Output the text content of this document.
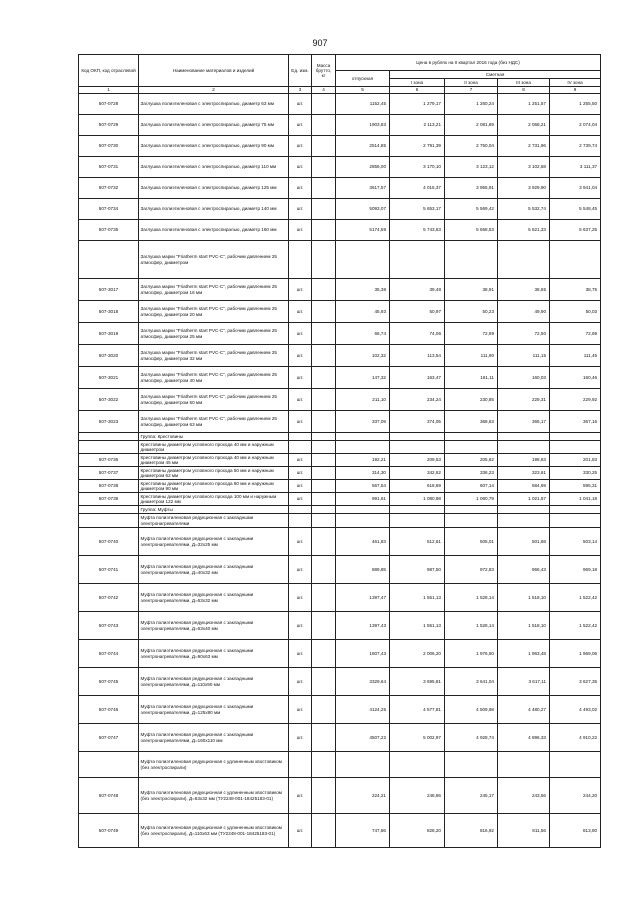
907
Код ОКП, код отраслевой	Наименование материалов и изделий	Ед. изм.	Масса брутто, кг	Цена в рублях на II квартал 2016 года (без НДС)				
				отпускная	Сметная			
					I зона	II зона	III зона	IV зона
1	2	3	4	5	6	7	8	9
507-0728	Заглушка полиэтиленовая с электроспиралью, диаметр 63 мм	шт.		1152,45	1 279,17	1 260,24	1 251,57	1 255,50
507-0729	Заглушка полиэтиленовая с электроспиралью, диаметр 75 мм	шт.		1903,83	2 113,21	2 081,89	2 068,21	2 074,04
507-0730	Заглушка полиэтиленовая с электроспиралью, диаметр 90 мм	шт.		2514,85	2 791,39	2 750,04	2 731,96	2 739,74
507-0731	Заглушка полиэтиленовая с электроспиралью, диаметр 110 мм	шт.		2856,00	3 170,10	3 123,12	3 102,58	3 111,37
507-0732	Заглушка полиэтиленовая с электроспиралью, диаметр 125 мм	шт.		3617,57	4 015,37	3 955,91	3 929,90	3 941,04
507-0734	Заглушка полиэтиленовая с электроспиралью, диаметр 140 мм	шт.		5093,07	5 653,17	5 569,42	5 532,74	5 548,45
507-0735	Заглушка полиэтиленовая с электроспиралью, диаметр 160 мм	шт.		5174,59	5 743,63	5 658,53	5 621,33	5 637,25
	Заглушка марки "Friatherm start PVC-C", рабочим давлением 25 атмосфер, диаметром							
507-3017	Заглушка марки "Friatherm start PVC-C", рабочим давлением 25 атмосфер, диаметром 16 мм	шт.		35,38	39,48	38,91	38,65	38,75
507-3018	Заглушка марки "Friatherm start PVC-C", рабочим давлением 25 атмосфер, диаметром 20 мм	шт.		45,93	50,97	50,23	49,90	50,03
507-3019	Заглушка марки "Friatherm start PVC-C", рабочим давлением 25 атмосфер, диаметром 25 мм	шт.		66,74	74,06	72,99	72,50	72,69
507-3020	Заглушка марки "Friatherm start PVC-C", рабочим давлением 25 атмосфер, диаметром 32 мм	шт.		102,32	113,54	111,90	111,15	111,45
507-3021	Заглушка марки "Friatherm start PVC-C", рабочим давлением 25 атмосфер, диаметром 40 мм	шт.		147,32	163,47	161,11	160,03	160,46
507-3022	Заглушка марки "Friatherm start PVC-C", рабочим давлением 25 атмосфер, диаметром 50 мм	шт.		211,10	234,24	230,85	229,31	229,92
507-3023	Заглушка марки "Friatherm start PVC-C", рабочим давлением 25 атмосфер, диаметром 63 мм	шт.		337,09	374,05	368,63	366,17	367,16
	Группа: Крестовины							
	Крестовины диаметром условного прохода 40 мм и наружным диаметром							
507-0736	Крестовины диаметром условного прохода 40 мм и наружным диаметром 45 мм	шт.		192,21	209,53	205,62	198,83	201,83
507-0737	Крестовины диаметром условного прохода 50 мм и наружным диаметром 62 мм	шт.		314,30	342,62	336,23	323,61	330,25
507-0738	Крестовины диаметром условного прохода 80 мм и наружным диаметром 90 мм	шт.		567,54	618,69	607,14	584,69	595,31
507-0739	Крестовины диаметром условного прохода 100 мм и наружным диаметром 122 мм	шт.		991,61	1 080,98	1 060,79	1 021,57	1 041,18
	Группа: Муфты							
	Муфта полиэтиленовая редукционная с закладными электронагревателями							
507-0740	Муфта полиэтиленовая редукционная с закладными электронагревателями, Д=32х25 мм	шт.		461,83	512,61	505,01	501,68	503,14
507-0741	Муфта полиэтиленовая редукционная с закладными электронагревателями, Д=40х32 мм	шт.		889,85	987,50	972,83	966,43	969,18
507-0742	Муфта полиэтиленовая редукционная с закладными электронагревателями, Д=63х32 мм	шт.		1397,47	1 551,13	1 528,14	1 518,10	1 522,42
507-0743	Муфта полиэтиленовая редукционная с закладными электронагревателями, Д=63х40 мм	шт.		1397,43	1 551,13	1 528,14	1 518,10	1 522,42
507-0744	Муфта полиэтиленовая редукционная с закладными электронагревателями, Д=90х63 мм	шт.		1807,43	2 006,20	1 976,50	1 963,48	1 969,06
507-0745	Муфта полиэтиленовая редукционная с закладными электронагревателями, Д=110х90 мм	шт.		3329,64	3 695,81	3 641,04	3 617,11	3 627,35
507-0746	Муфта полиэтиленовая редукционная с закладными электронагревателями, Д=125х90 мм	шт.		4124,25	4 577,81	4 509,98	4 480,27	4 493,02
507-0747	Муфта полиэтиленовая редукционная с закладными электронагревателями, Д=160х110 мм	шт.		4507,22	5 002,97	4 928,74	4 896,33	4 910,22
	Муфта полиэтиленовая редукционная с удлиненным хвостовиком (без электроспирали)							
507-0748	Муфта полиэтиленовая редукционная с удлиненным хвостовиком (без электроспирали), Д=63х32 мм (ТУ2248-001-18425183-01)	шт.		224,21	248,86	245,17	243,56	244,20
507-0749	Муфта полиэтиленовая редукционная с удлиненным хвостовиком (без электроспирали), Д=110х63 мм (ТУ2248-001-18425183-01)	шт.		747,86	828,20	816,92	811,56	813,80
